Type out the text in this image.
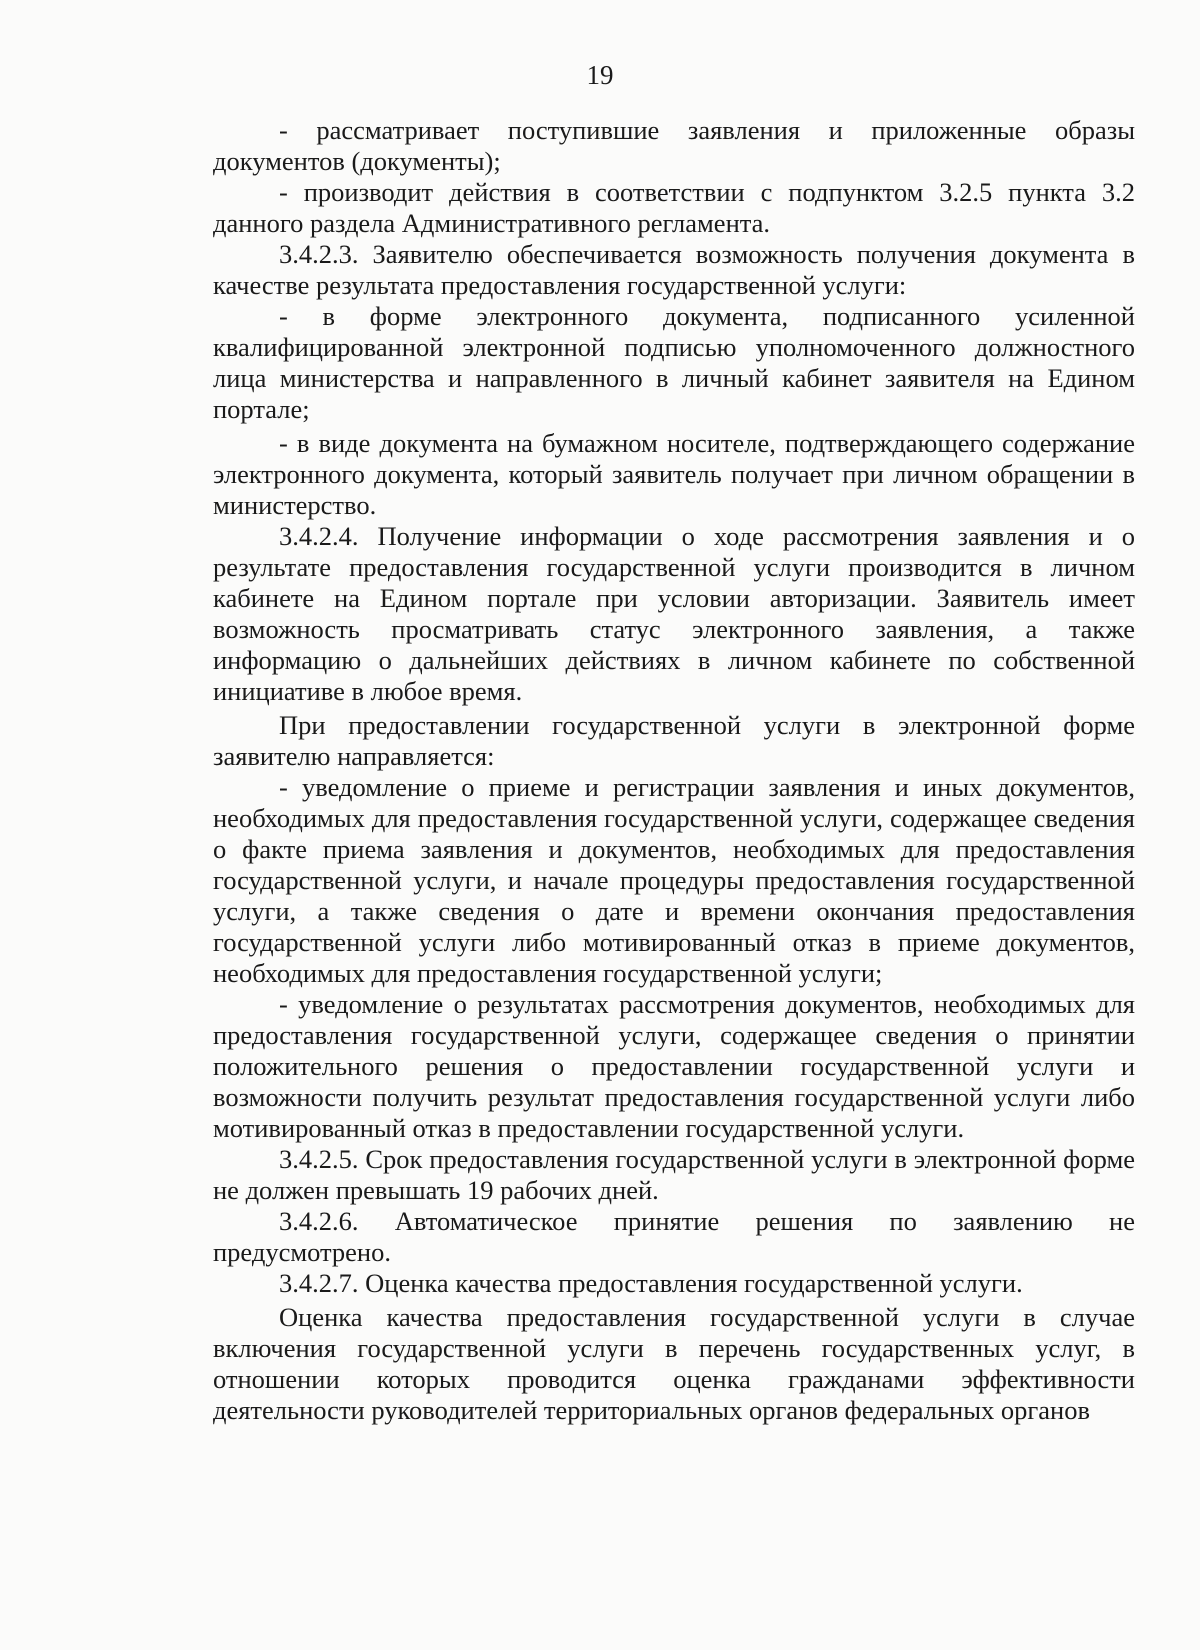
19

- рассматривает поступившие заявления и приложенные образы документов (документы);

- производит действия в соответствии с подпунктом 3.2.5 пункта 3.2 данного раздела Административного регламента.

3.4.2.3. Заявителю обеспечивается возможность получения документа в качестве результата предоставления государственной услуги:

- в форме электронного документа, подписанного усиленной квалифицированной электронной подписью уполномоченного должностного лица министерства и направленного в личный кабинет заявителя на Едином портале;

- в виде документа на бумажном носителе, подтверждающего содержание электронного документа, который заявитель получает при личном обращении в министерство.

3.4.2.4. Получение информации о ходе рассмотрения заявления и о результате предоставления государственной услуги производится в личном кабинете на Едином портале при условии авторизации. Заявитель имеет возможность просматривать статус электронного заявления, а также информацию о дальнейших действиях в личном кабинете по собственной инициативе в любое время.

При предоставлении государственной услуги в электронной форме заявителю направляется:

- уведомление о приеме и регистрации заявления и иных документов, необходимых для предоставления государственной услуги, содержащее сведения о факте приема заявления и документов, необходимых для предоставления государственной услуги, и начале процедуры предоставления государственной услуги, а также сведения о дате и времени окончания предоставления государственной услуги либо мотивированный отказ в приеме документов, необходимых для предоставления государственной услуги;

- уведомление о результатах рассмотрения документов, необходимых для предоставления государственной услуги, содержащее сведения о принятии положительного решения о предоставлении государственной услуги и возможности получить результат предоставления государственной услуги либо мотивированный отказ в предоставлении государственной услуги.

3.4.2.5. Срок предоставления государственной услуги в электронной форме не должен превышать 19 рабочих дней.

3.4.2.6. Автоматическое принятие решения по заявлению не предусмотрено.

3.4.2.7. Оценка качества предоставления государственной услуги.

Оценка качества предоставления государственной услуги в случае включения государственной услуги в перечень государственных услуг, в отношении которых проводится оценка гражданами эффективности деятельности руководителей территориальных органов федеральных органов
